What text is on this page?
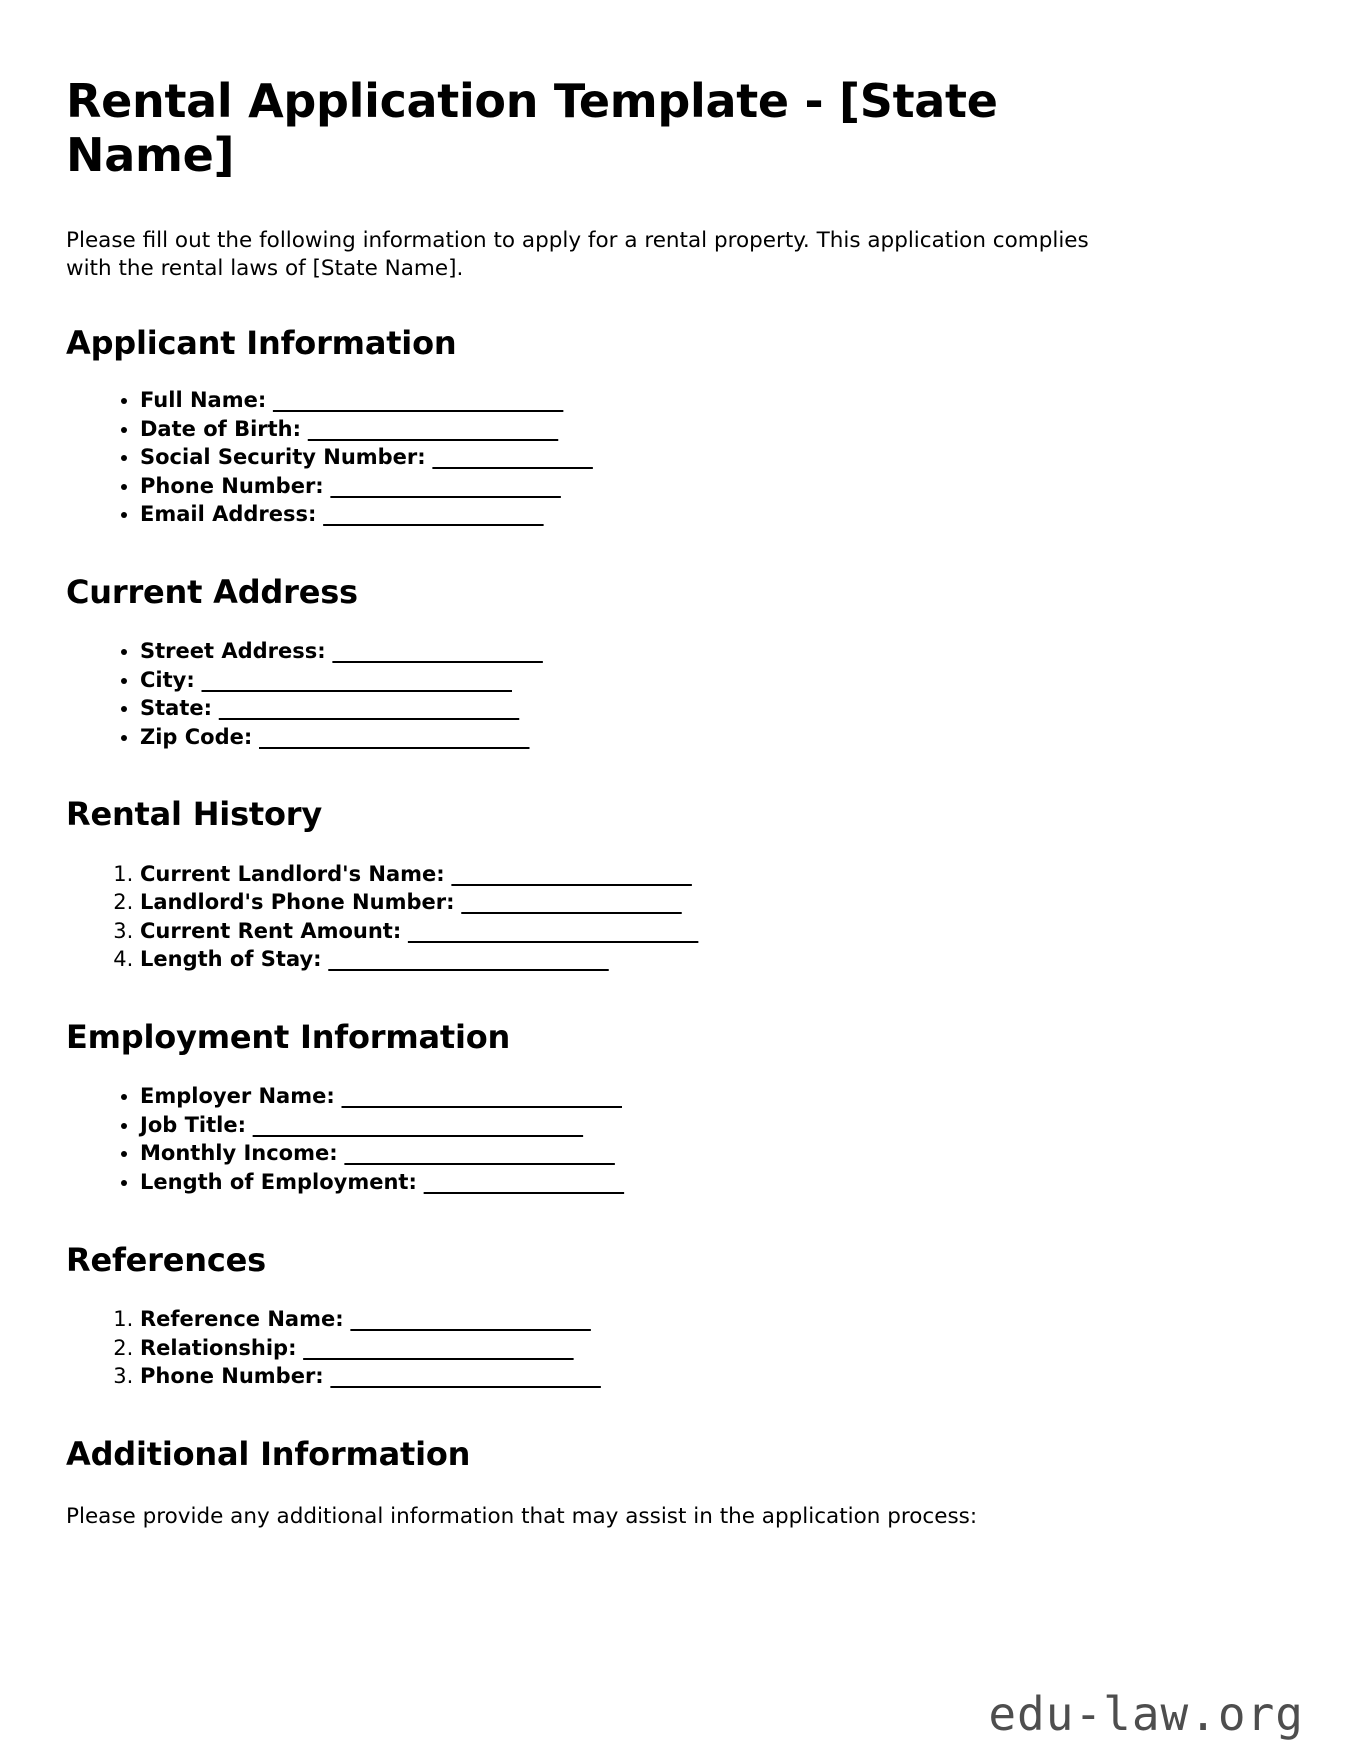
Rental Application Template - [State Name]

Please fill out the following information to apply for a rental property. This application complies with the rental laws of [State Name].

Applicant Information
• Full Name: _____________________________
• Date of Birth: _________________________
• Social Security Number: ________________
• Phone Number: _______________________
• Email Address: ______________________
Current Address
• Street Address: _____________________
• City: _______________________________
• State: ______________________________
• Zip Code: ___________________________
Rental History
1. Current Landlord's Name: ________________________
2. Landlord's Phone Number: ______________________
3. Current Rent Amount: _____________________________
4. Length of Stay: ____________________________
Employment Information
• Employer Name: ____________________________
• Job Title: _________________________________
• Monthly Income: ___________________________
• Length of Employment: ____________________
References
1. Reference Name: ________________________
2. Relationship: ___________________________
3. Phone Number: ___________________________
Additional Information

Please provide any additional information that may assist in the application process:

edu-law.org
